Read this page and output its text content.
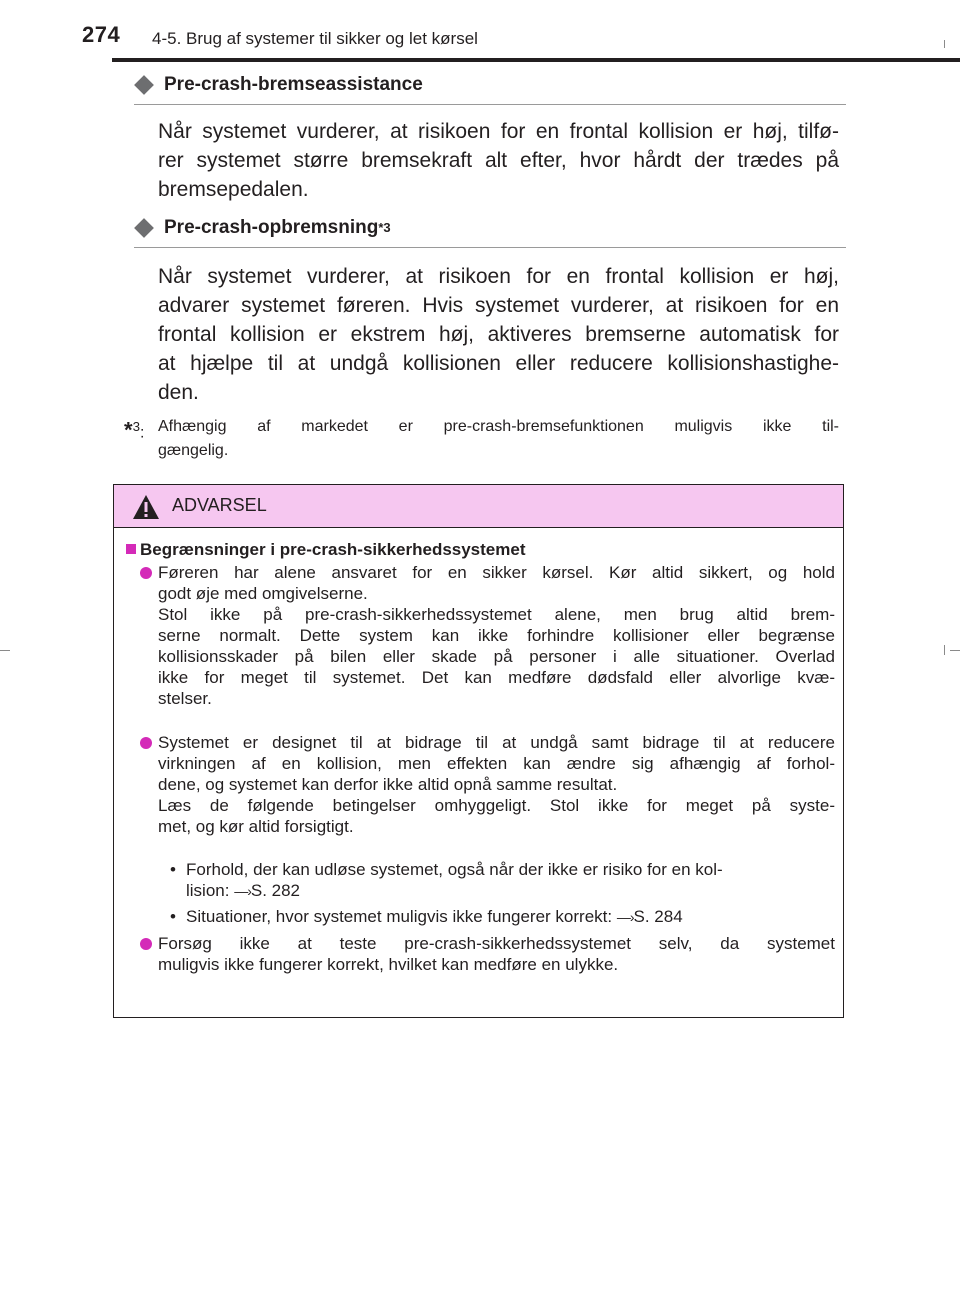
274 4-5. Brug af systemer til sikker og let kørsel
Pre-crash-bremseassistance
Når systemet vurderer, at risikoen for en frontal kollision er høj, tilfø-
rer systemet større bremsekraft alt efter, hvor hårdt der trædes på
bremsepedalen.
Pre-crash-opbremsning *3
Når systemet vurderer, at risikoen for en frontal kollision er høj,
advarer systemet føreren. Hvis systemet vurderer, at risikoen for en
frontal kollision er ekstrem høj, aktiveres bremserne automatisk for
at hjælpe til at undgå kollisionen eller reducere kollisionshastighe-
den.
*$^3$: Afhængig af markedet er pre-crash-bremsefunktionen muligvis ikke til-
gængelig.
ADVARSEL
Begrænsninger i pre-crash-sikkerhedssystemet
Føreren har alene ansvaret for en sikker kørsel. Kør altid sikkert, og hold
godt øje med omgivelserne.
Stol ikke på pre-crash-sikkerhedssystemet alene, men brug altid brem-
serne normalt. Dette system kan ikke forhindre kollisioner eller begrænse
kollisionsskader på bilen eller skade på personer i alle situationer. Overlad
ikke for meget til systemet. Det kan medføre dødsfald eller alvorlige kvæ-
stelser.
Systemet er designet til at bidrage til at undgå samt bidrage til at reducere
virkningen af en kollision, men effekten kan ændre sig afhængig af forhol-
dene, og systemet kan derfor ikke altid opnå samme resultat.
Læs de følgende betingelser omhyggeligt. Stol ikke for meget på syste-
met, og kør altid forsigtigt.
• Forhold, der kan udløse systemet, også når der ikke er risiko for en kol-
lision: —›S. 282
• Situationer, hvor systemet muligvis ikke fungerer korrekt: —›S. 284
Forsøg ikke at teste pre-crash-sikkerhedssystemet selv, da systemet
muligvis ikke fungerer korrekt, hvilket kan medføre en ulykke.
